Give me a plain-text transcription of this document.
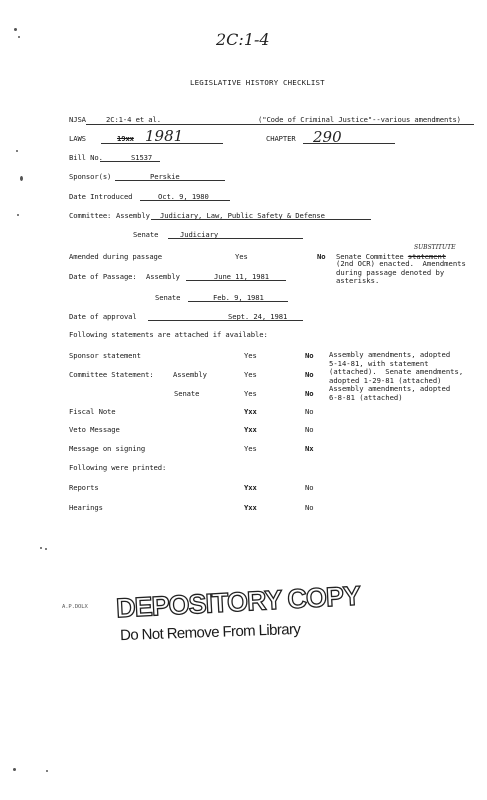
2C:1-4
LEGISLATIVE HISTORY CHECKLIST
NJSA	2C:1-4 et al.	("Code of Criminal Justice"--various amendments)
LAWS	19xx 1981	CHAPTER 290
Bill No.	S1537
Sponsor(s)	Perskie
Date Introduced	Oct. 9, 1980
Committee: Assembly Judiciary, Law, Public Safety & Defense
Senate	Judiciary
Amended during passage	Yes	No
SUBSTITUTE
Senate Committee statement
(2nd OCR) enacted.  Amendments
during passage denoted by
asterisks.
Date of Passage: Assembly	June 11, 1981
Senate	Feb. 9, 1981
Date of approval	Sept. 24, 1981
Following statements are attached if available:
Sponsor statement	Yes	No
Committee Statement:	Assembly	Yes	No
Senate	Yes	No
Assembly amendments, adopted
5-14-81, with statement
(attached).  Senate amendments,
adopted 1-29-81 (attached)
Assembly amendments, adopted
6-8-81 (attached)
Fiscal Note	Yxx	No
Veto Message	Yxx	No
Message on signing	Yes	Nx
Following were printed:
Reports	Yxx	No
Hearings	Yxx	No
DEPOSITORY COPY
Do Not Remove From Library
A.P.DOLX
